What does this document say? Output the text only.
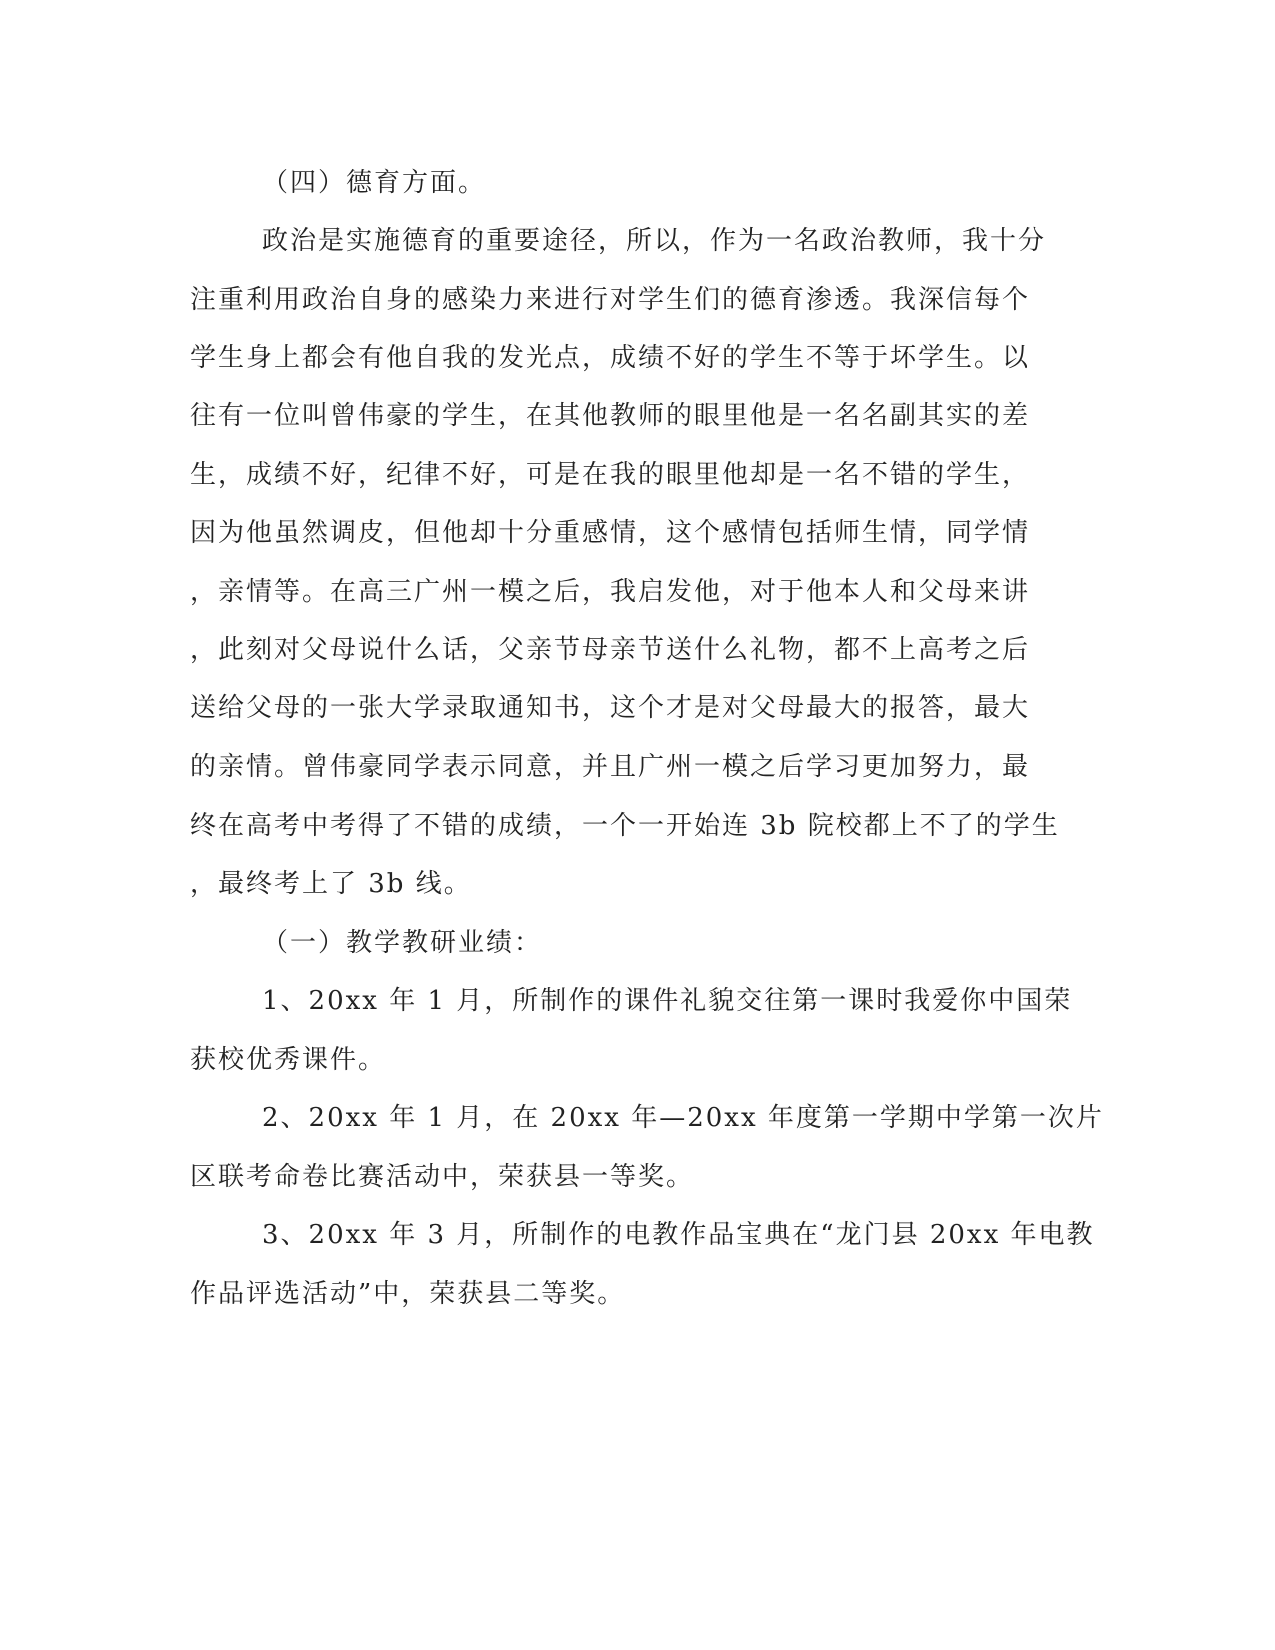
（四）德育方面。
政治是实施德育的重要途径，所以，作为一名政治教师，我十分
注重利用政治自身的感染力来进行对学生们的德育渗透。我深信每个
学生身上都会有他自我的发光点，成绩不好的学生不等于坏学生。以
往有一位叫曾伟豪的学生，在其他教师的眼里他是一名名副其实的差
生，成绩不好，纪律不好，可是在我的眼里他却是一名不错的学生，
因为他虽然调皮，但他却十分重感情，这个感情包括师生情，同学情
，亲情等。在高三广州一模之后，我启发他，对于他本人和父母来讲
，此刻对父母说什么话，父亲节母亲节送什么礼物，都不上高考之后
送给父母的一张大学录取通知书，这个才是对父母最大的报答，最大
的亲情。曾伟豪同学表示同意，并且广州一模之后学习更加努力，最
终在高考中考得了不错的成绩，一个一开始连 3b 院校都上不了的学生
，最终考上了 3b 线。
（一）教学教研业绩：
1、20xx 年 1 月，所制作的课件礼貌交往第一课时我爱你中国荣
获校优秀课件。
2、20xx 年 1 月，在 20xx 年—20xx 年度第一学期中学第一次片
区联考命卷比赛活动中，荣获县一等奖。
3、20xx 年 3 月，所制作的电教作品宝典在“龙门县 20xx 年电教
作品评选活动”中，荣获县二等奖。
